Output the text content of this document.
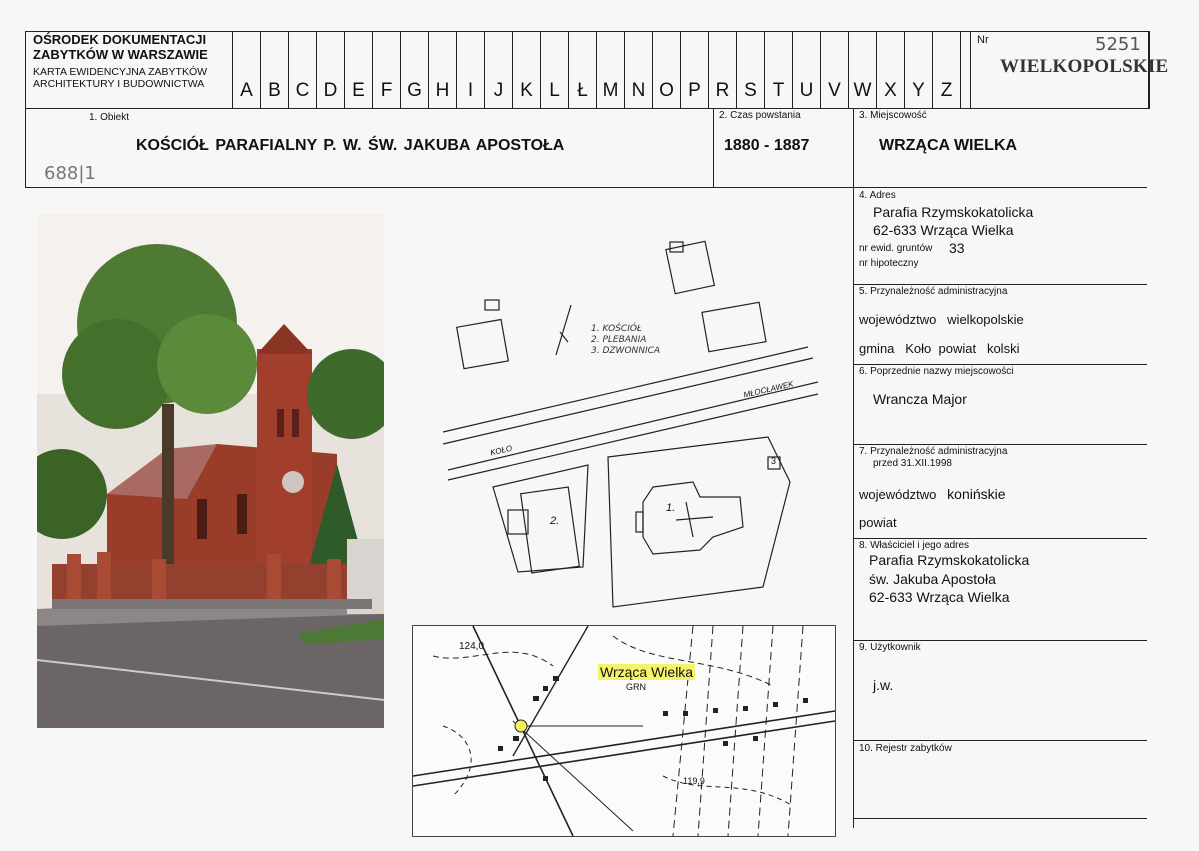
OŚRODEK DOKUMENTACJI
ZABYTKÓW W WARSZAWIE
KARTA EWIDENCYJNA ZABYTKÓW
ARCHITEKTURY I BUDOWNICTWA	A B C D E F G H I	J K L Ł M N O P R S T U V W X Y Z
Nr	5251
WIELKOPOLSKIE
1. Obiekt
KOŚCIÓŁ PARAFIALNY P. W. ŚW. JAKUBA APOSTOŁA
688|1
2. Czas powstania
1880 - 1887
3. Miejscowość
WRZĄCA WIELKA
4. Adres
Parafia Rzymskokatolicka
62-633 Wrząca Wielka
nr ewid. gruntów 33
nr hipoteczny
5. Przynależność administracyjna
województwo wielkopolskie
gmina Koło powiat kolski
6. Poprzednie nazwy miejscowości
Wrancza Major
7. Przynależność administracyjna
przed 31.XII.1998
województwo konińskie
powiat
8. Właściciel i jego adres
Parafia Rzymskokatolicka
św. Jakuba Apostoła
62-633 Wrząca Wielka
9. Użytkownik
j.w.
10. Rejestr zabytków
1. KOŚCIÓŁ
2. PLEBANIA
3. DZWONNICA
MŁOCŁAWEK
KOŁO
1.
2.
3
124,0
Wrząca Wielka
GRN
119,9
